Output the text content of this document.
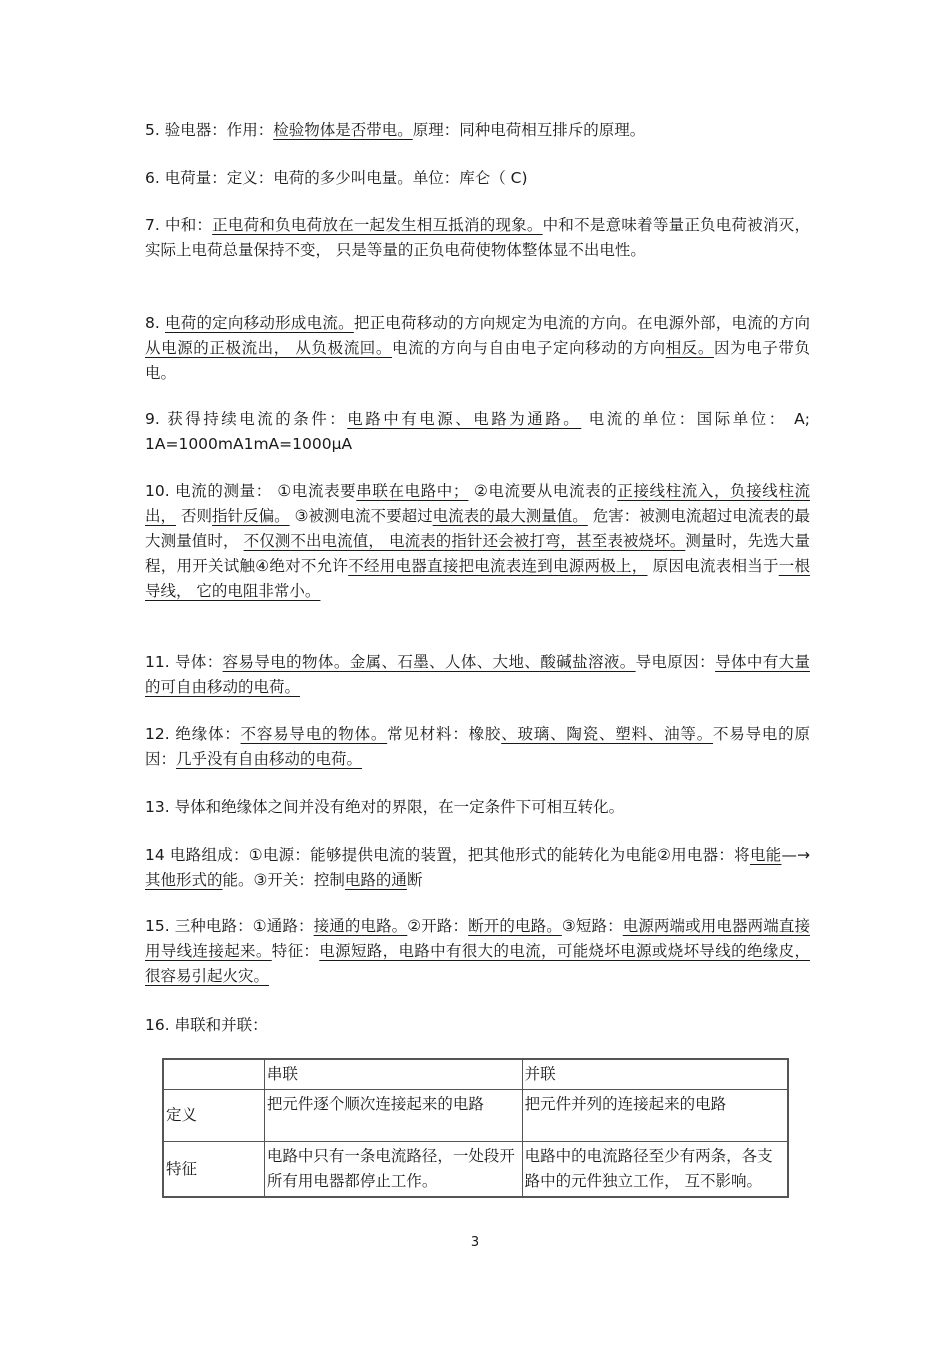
5. 验电器：作用：检验物体是否带电。原理：同种电荷相互排斥的原理。

6. 电荷量：定义：电荷的多少叫电量。单位：库仑（ C)

7. 中和：正电荷和负电荷放在一起发生相互抵消的现象。中和不是意味着等量正负电荷被消灭， 实际上电荷总量保持不变， 只是等量的正负电荷使物体整体显不出电性。

8. 电荷的定向移动形成电流。把正电荷移动的方向规定为电流的方向。在电源外部，电流的方向从电源的正极流出， 从负极流回。电流的方向与自由电子定向移动的方向相反。因为电子带负电。

9. 获得持续电流的条件：电路中有电源、电路为通路。 电流的单位：国际单位： A; 1A=1000mA1mA=1000μA

10. 电流的测量： ①电流表要串联在电路中； ②电流要从电流表的正接线柱流入，负接线柱流出， 否则指针反偏。 ③被测电流不要超过电流表的最大测量值。 危害：被测电流超过电流表的最大测量值时， 不仅测不出电流值， 电流表的指针还会被打弯，甚至表被烧坏。测量时，先选大量程，用开关试触④绝对不允许不经用电器直接把电流表连到电源两极上， 原因电流表相当于一根导线， 它的电阻非常小。

11. 导体：容易导电的物体。金属、石墨、人体、大地、酸碱盐溶液。导电原因：导体中有大量的可自由移动的电荷。

12. 绝缘体：不容易导电的物体。常见材料：橡胶、玻璃、陶瓷、塑料、油等。不易导电的原因：几乎没有自由移动的电荷。

13. 导体和绝缘体之间并没有绝对的界限，在一定条件下可相互转化。

14 电路组成：①电源：能够提供电流的装置，把其他形式的能转化为电能②用电器：将电能—→其他形式的能。③开关：控制电路的通断

15. 三种电路：①通路：接通的电路。②开路：断开的电路。③短路：电源两端或用电器两端直接用导线连接起来。特征：电源短路，电路中有很大的电流，可能烧坏电源或烧坏导线的绝缘皮，很容易引起火灾。

16. 串联和并联：

	串联	并联
定义	把元件逐个顺次连接起来的电路	把元件并列的连接起来的电路
特征	电路中只有一条电流路径，一处段开所有用电器都停止工作。	电路中的电流路径至少有两条，各支路中的元件独立工作， 互不影响。
3
